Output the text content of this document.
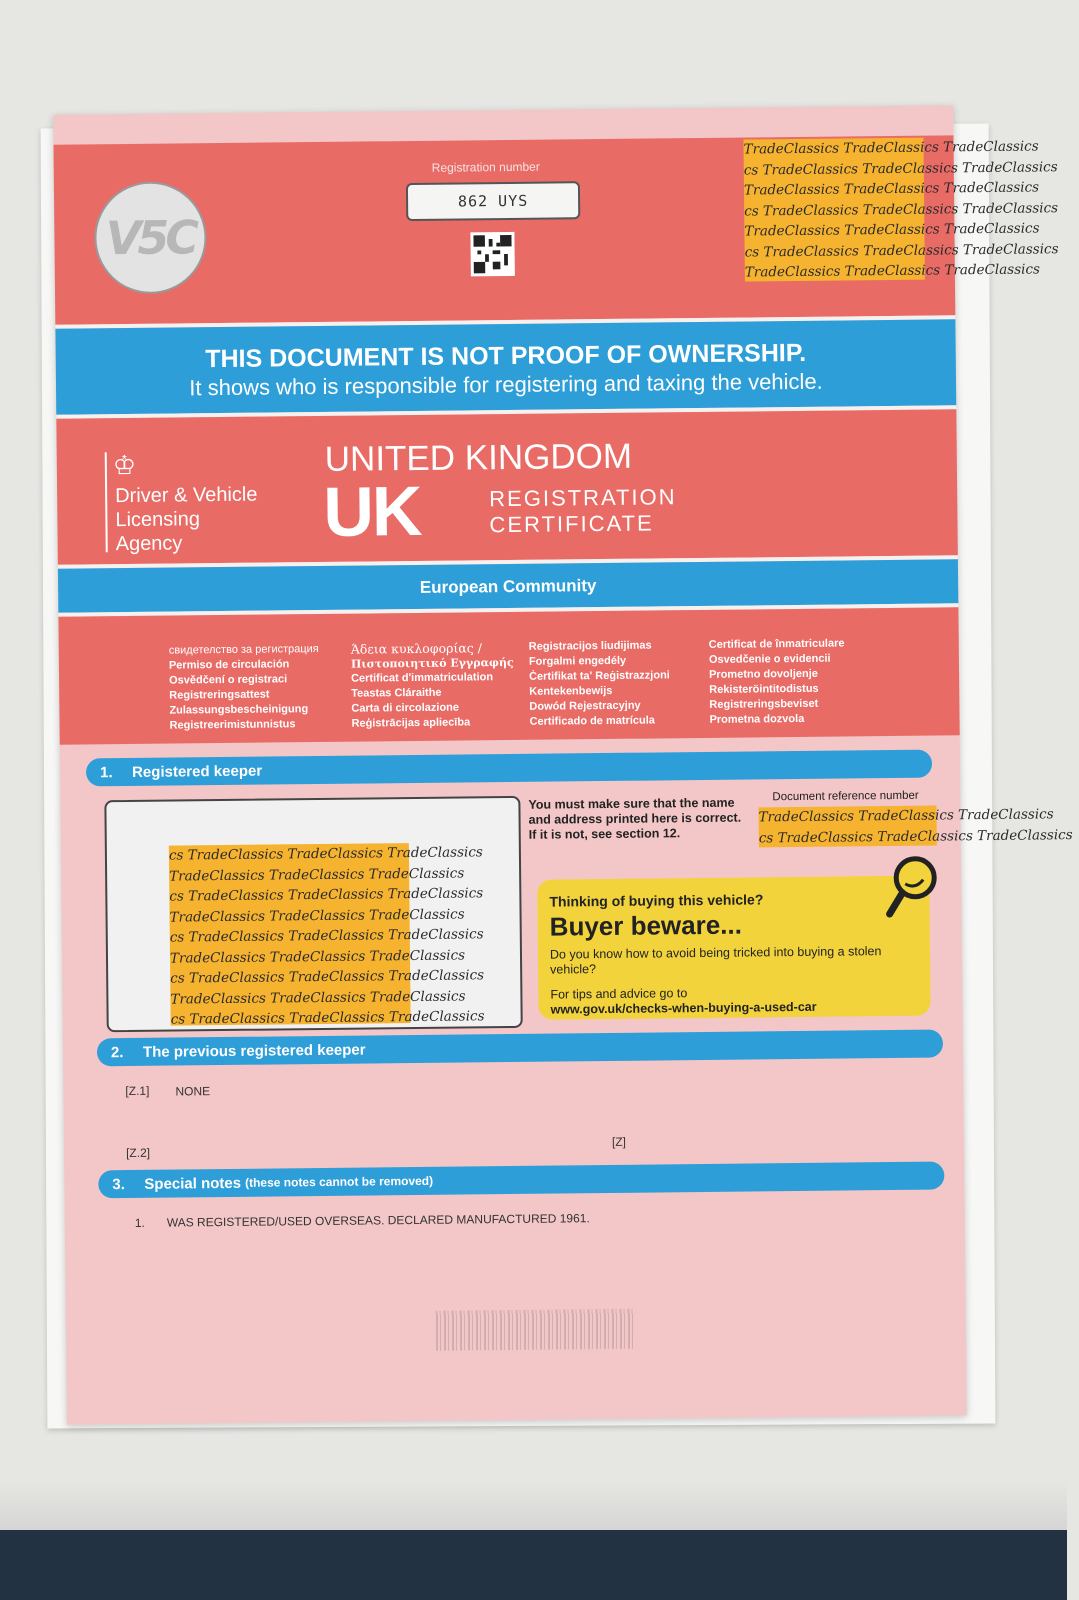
V5C
Registration number
862 UYS
TradeClassics TradeClassics TradeClassics
cs TradeClassics TradeClassics TradeClassics
TradeClassics TradeClassics TradeClassics
cs TradeClassics TradeClassics TradeClassics
TradeClassics TradeClassics TradeClassics
cs TradeClassics TradeClassics TradeClassics
TradeClassics TradeClassics TradeClassics
THIS DOCUMENT IS NOT PROOF OF OWNERSHIP.
It shows who is responsible for registering and taxing the vehicle.
♔
Driver & Vehicle
Licensing
Agency
UNITED KINGDOM
UK	REGISTRATION
CERTIFICATE
European Community
свидетелство за регистрация
Permiso de circulación
Osvědčení o registraci
Registreringsattest
Zulassungsbescheinigung
Registreerimistunnistus
Άδεια κυκλοφορίας /
Πιστοποιητικό Εγγραφής
Certificat d'immatriculation
Teastas Cláraithe
Carta di circolazione
Reģistrācijas apliecība
Registracijos liudijimas
Forgalmi engedély
Ċertifikat ta' Reġistrazzjoni
Kentekenbewijs
Dowód Rejestracyjny
Certificado de matrícula
Certificat de înmatriculare
Osvedčenie o evidencii
Prometno dovoljenje
Rekisteröintitodistus
Registreringsbeviset
Prometna dozvola
1.	Registered keeper
cs TradeClassics TradeClassics TradeClassics
TradeClassics TradeClassics TradeClassics
cs TradeClassics TradeClassics TradeClassics
TradeClassics TradeClassics TradeClassics
cs TradeClassics TradeClassics TradeClassics
TradeClassics TradeClassics TradeClassics
cs TradeClassics TradeClassics TradeClassics
TradeClassics TradeClassics TradeClassics
cs TradeClassics TradeClassics TradeClassics
You must make sure that the name
and address printed here is correct.
If it is not, see section 12.
Document reference number
TradeClassics TradeClassics TradeClassics
cs TradeClassics TradeClassics TradeClassics
Thinking of buying this vehicle?
Buyer beware...
Do you know how to avoid being tricked into buying a stolen vehicle?
For tips and advice go to
www.gov.uk/checks-when-buying-a-used-car
2.	The previous registered keeper
[Z.1] NONE
[Z.2]
[Z]
3.	Special notes (these notes cannot be removed)
1. WAS REGISTERED/USED OVERSEAS. DECLARED MANUFACTURED 1961.
